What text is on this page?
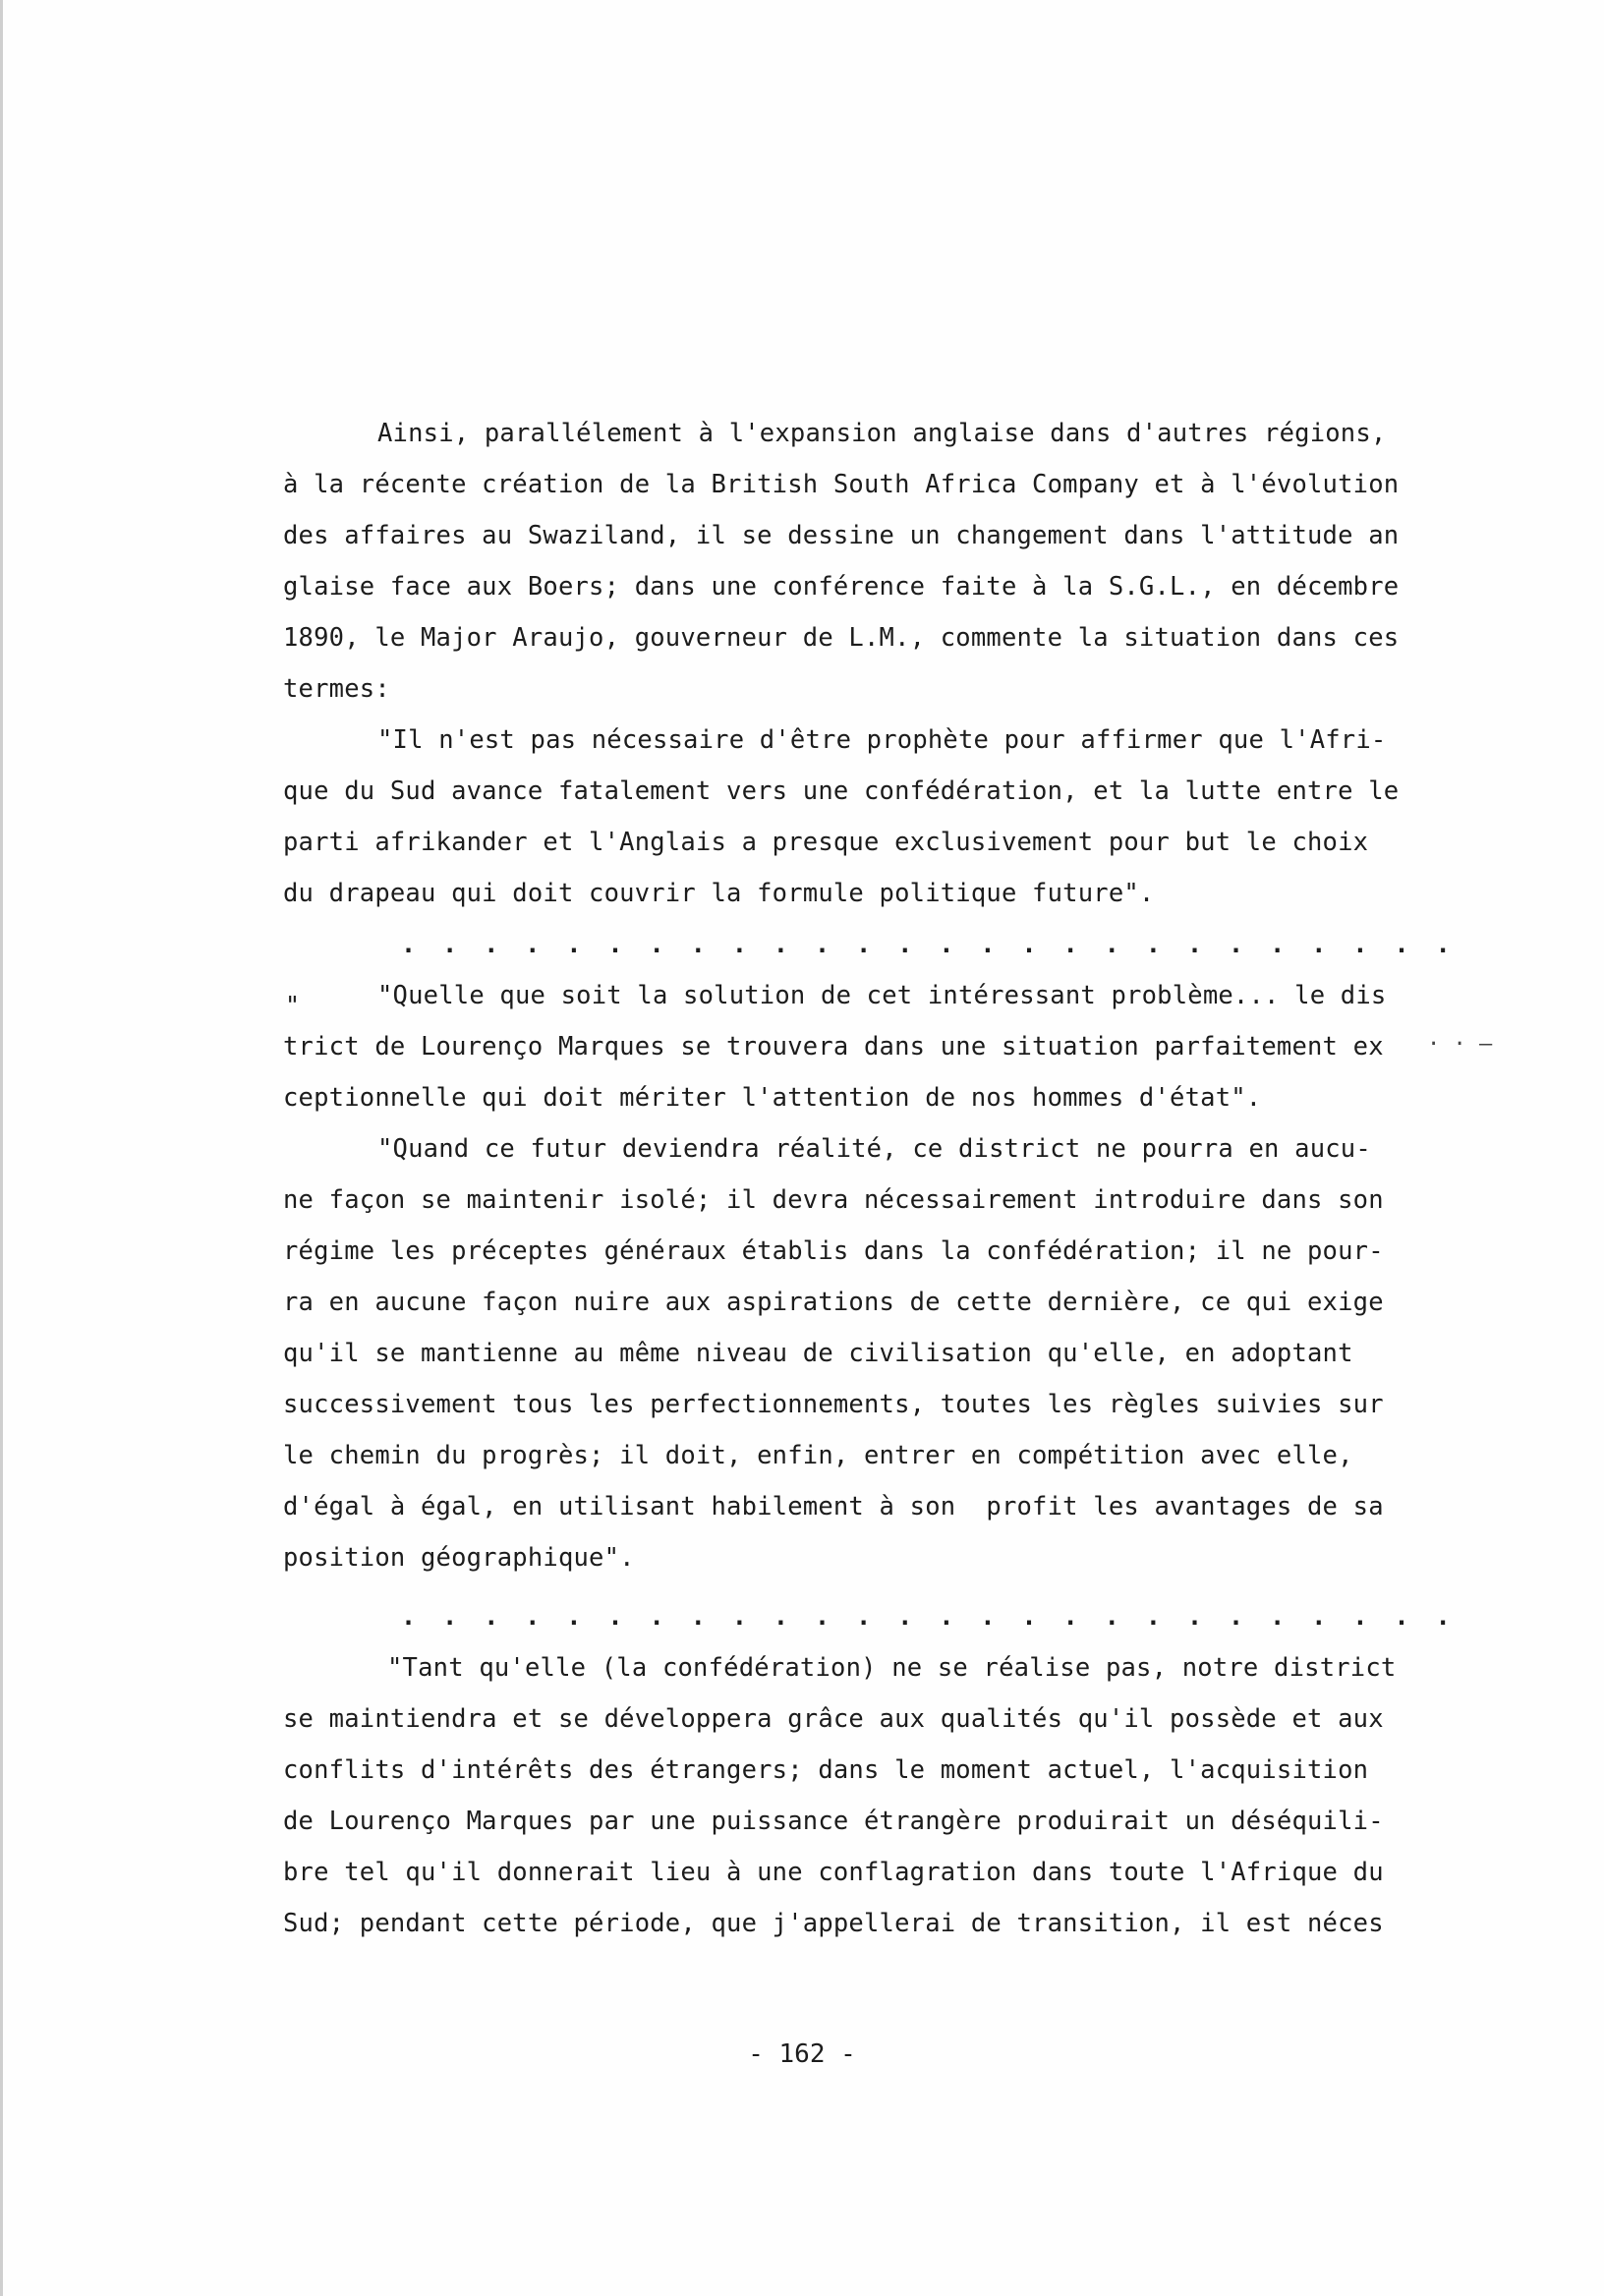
Ainsi, parallélement à l'expansion anglaise dans d'autres régions,
à la récente création de la British South Africa Company et à l'évolution
des affaires au Swaziland, il se dessine un changement dans l'attitude an
glaise face aux Boers; dans une conférence faite à la S.G.L., en décembre
1890, le Major Araujo, gouverneur de L.M., commente la situation dans ces
termes:
"Il n'est pas nécessaire d'être prophète pour affirmer que l'Afri-
que du Sud avance fatalement vers une confédération, et la lutte entre le
parti afrikander et l'Anglais a presque exclusivement pour but le choix
du drapeau qui doit couvrir la formule politique future".
. . . . . . . . . . . . . . . . . . . . . . . . . .
"Quelle que soit la solution de cet intéressant problème... le dis
trict de Lourenço Marques se trouvera dans une situation parfaitement ex
ceptionnelle qui doit mériter l'attention de nos hommes d'état".
"Quand ce futur deviendra réalité, ce district ne pourra en aucu-
ne façon se maintenir isolé; il devra nécessairement introduire dans son
régime les préceptes généraux établis dans la confédération; il ne pour-
ra en aucune façon nuire aux aspirations de cette dernière, ce qui exige
qu'il se mantienne au même niveau de civilisation qu'elle, en adoptant
successivement tous les perfectionnements, toutes les règles suivies sur
le chemin du progrès; il doit, enfin, entrer en compétition avec elle,
d'égal à égal, en utilisant habilement à son  profit les avantages de sa
position géographique".
. . . . . . . . . . . . . . . . . . . . . . . . . .
"Tant qu'elle (la confédération) ne se réalise pas, notre district
se maintiendra et se développera grâce aux qualités qu'il possède et aux
conflits d'intérêts des étrangers; dans le moment actuel, l'acquisition
de Lourenço Marques par une puissance étrangère produirait un déséquili-
bre tel qu'il donnerait lieu à une conflagration dans toute l'Afrique du
Sud; pendant cette période, que j'appellerai de transition, il est néces
"
· · –
- 162 -
